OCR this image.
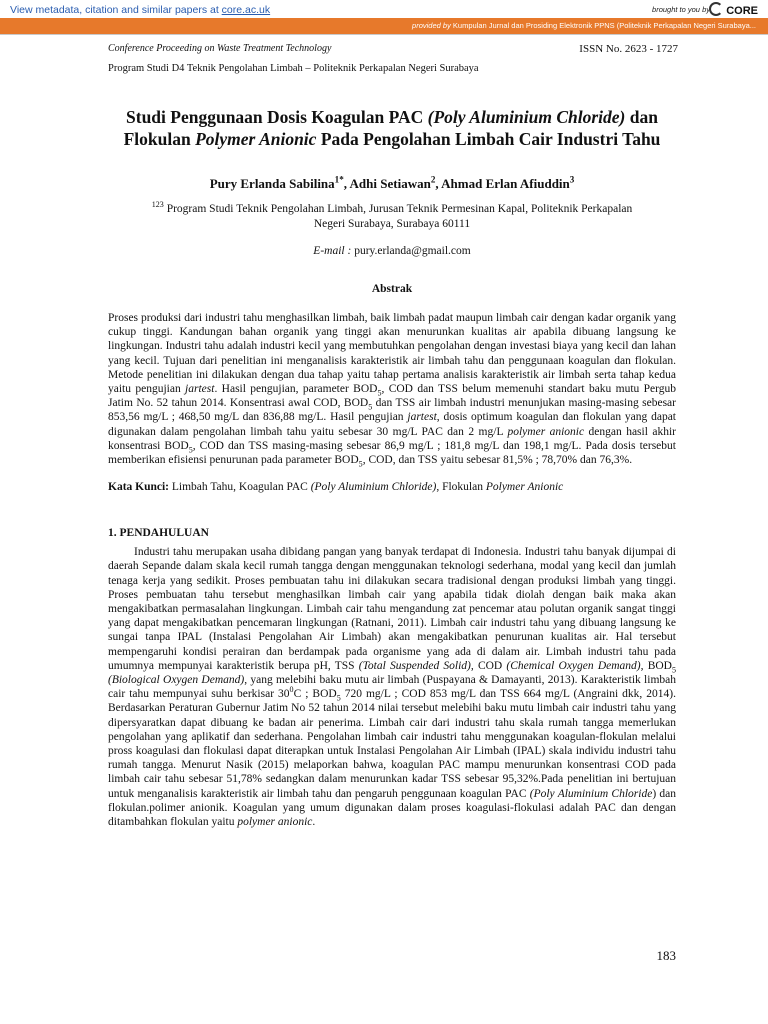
View metadata, citation and similar papers at core.ac.uk	brought to you by	CORE
provided by Kumpulan Jurnal dan Prosiding Elektronik PPNS (Politeknik Perkapalan Negeri Surabaya...
Conference Proceeding on Waste Treatment Technology	ISSN No. 2623 - 1727
Program Studi D4 Teknik Pengolahan Limbah – Politeknik Perkapalan Negeri Surabaya
Studi Penggunaan Dosis Koagulan PAC (Poly Aluminium Chloride) dan Flokulan Polymer Anionic Pada Pengolahan Limbah Cair Industri Tahu
Pury Erlanda Sabilina$^{1*}$, Adhi Setiawan$^2$, Ahmad Erlan Afiuddin$^3$
$^{123}$ Program Studi Teknik Pengolahan Limbah, Jurusan Teknik Permesinan Kapal, Politeknik Perkapalan Negeri Surabaya, Surabaya 60111
E-mail : pury.erlanda@gmail.com
Abstrak
Proses produksi dari industri tahu menghasilkan limbah, baik limbah padat maupun limbah cair dengan kadar organik yang cukup tinggi. Kandungan bahan organik yang tinggi akan menurunkan kualitas air apabila dibuang langsung ke lingkungan. Industri tahu adalah industri kecil yang membutuhkan pengolahan dengan investasi biaya yang kecil dan lahan yang kecil. Tujuan dari penelitian ini menganalisis karakteristik air limbah tahu dan penggunaan koagulan dan flokulan. Metode penelitian ini dilakukan dengan dua tahap yaitu tahap pertama analisis karakteristik air limbah serta tahap kedua yaitu pengujian jartest. Hasil pengujian, parameter $BOD_5$, COD dan TSS belum memenuhi standart baku mutu Pergub Jatim No. 52 tahun 2014. Konsentrasi awal COD, $BOD_5$ dan TSS air limbah industri menunjukan masing-masing sebesar 853,56 mg/L ; 468,50 mg/L dan 836,88 mg/L. Hasil pengujian jartest, dosis optimum koagulan dan flokulan yang dapat digunakan dalam pengolahan limbah tahu yaitu sebesar 30 mg/L PAC dan 2 mg/L polymer anionic dengan hasil akhir konsentrasi $BOD_5$, COD dan TSS masing-masing sebesar 86,9 mg/L ; 181,8 mg/L dan 198,1 mg/L. Pada dosis tersebut memberikan efisiensi penurunan pada parameter $BOD_5$, COD, dan TSS yaitu sebesar 81,5% ; 78,70% dan 76,3%.
Kata Kunci: Limbah Tahu, Koagulan PAC (Poly Aluminium Chloride), Flokulan Polymer Anionic
1. PENDAHULUAN
Industri tahu merupakan usaha dibidang pangan yang banyak terdapat di Indonesia. Industri tahu banyak dijumpai di daerah Sepande dalam skala kecil rumah tangga dengan menggunakan teknologi sederhana, modal yang kecil dan jumlah tenaga kerja yang sedikit. Proses pembuatan tahu ini dilakukan secara tradisional dengan produksi limbah yang tinggi. Proses pembuatan tahu tersebut menghasilkan limbah cair yang apabila tidak diolah dengan baik maka akan mengakibatkan permasalahan lingkungan. Limbah cair tahu mengandung zat pencemar atau polutan organik sangat tinggi yang dapat mengakibatkan pencemaran lingkungan (Ratnani, 2011). Limbah cair industri tahu yang dibuang langsung ke sungai tanpa IPAL (Instalasi Pengolahan Air Limbah) akan mengakibatkan penurunan kualitas air. Hal tersebut mempengaruhi kondisi perairan dan berdampak pada organisme yang ada di dalam air. Limbah industri tahu pada umumnya mempunyai karakteristik berupa pH, TSS (Total Suspended Solid), COD (Chemical Oxygen Demand), $BOD_5$ (Biological Oxygen Demand), yang melebihi baku mutu air limbah (Puspayana & Damayanti, 2013). Karakteristik limbah cair tahu mempunyai suhu berkisar $30^0C$ ; $BOD_5$ 720 mg/L ; COD 853 mg/L dan TSS 664 mg/L (Angraini dkk, 2014). Berdasarkan Peraturan Gubernur Jatim No 52 tahun 2014 nilai tersebut melebihi baku mutu limbah cair industri tahu yang dipersyaratkan dapat dibuang ke badan air penerima. Limbah cair dari industri tahu skala rumah tangga memerlukan pengolahan yang aplikatif dan sederhana. Pengolahan limbah cair industri tahu menggunakan koagulan-flokulan melalui pross koagulasi dan flokulasi dapat diterapkan untuk Instalasi Pengolahan Air Limbah (IPAL) skala individu industri tahu rumah tangga. Menurut Nasik (2015) melaporkan bahwa, koagulan PAC mampu menurunkan konsentrasi COD pada limbah cair tahu sebesar 51,78% sedangkan dalam menurunkan kadar TSS sebesar 95,32%.Pada penelitian ini bertujuan untuk menganalisis karakteristik air limbah tahu dan pengaruh penggunaan koagulan PAC (Poly Aluminium Chloride) dan flokulan.polimer anionik. Koagulan yang umum digunakan dalam proses koagulasi-flokulasi adalah PAC dan dengan ditambahkan flokulan yaitu polymer anionic.
183
